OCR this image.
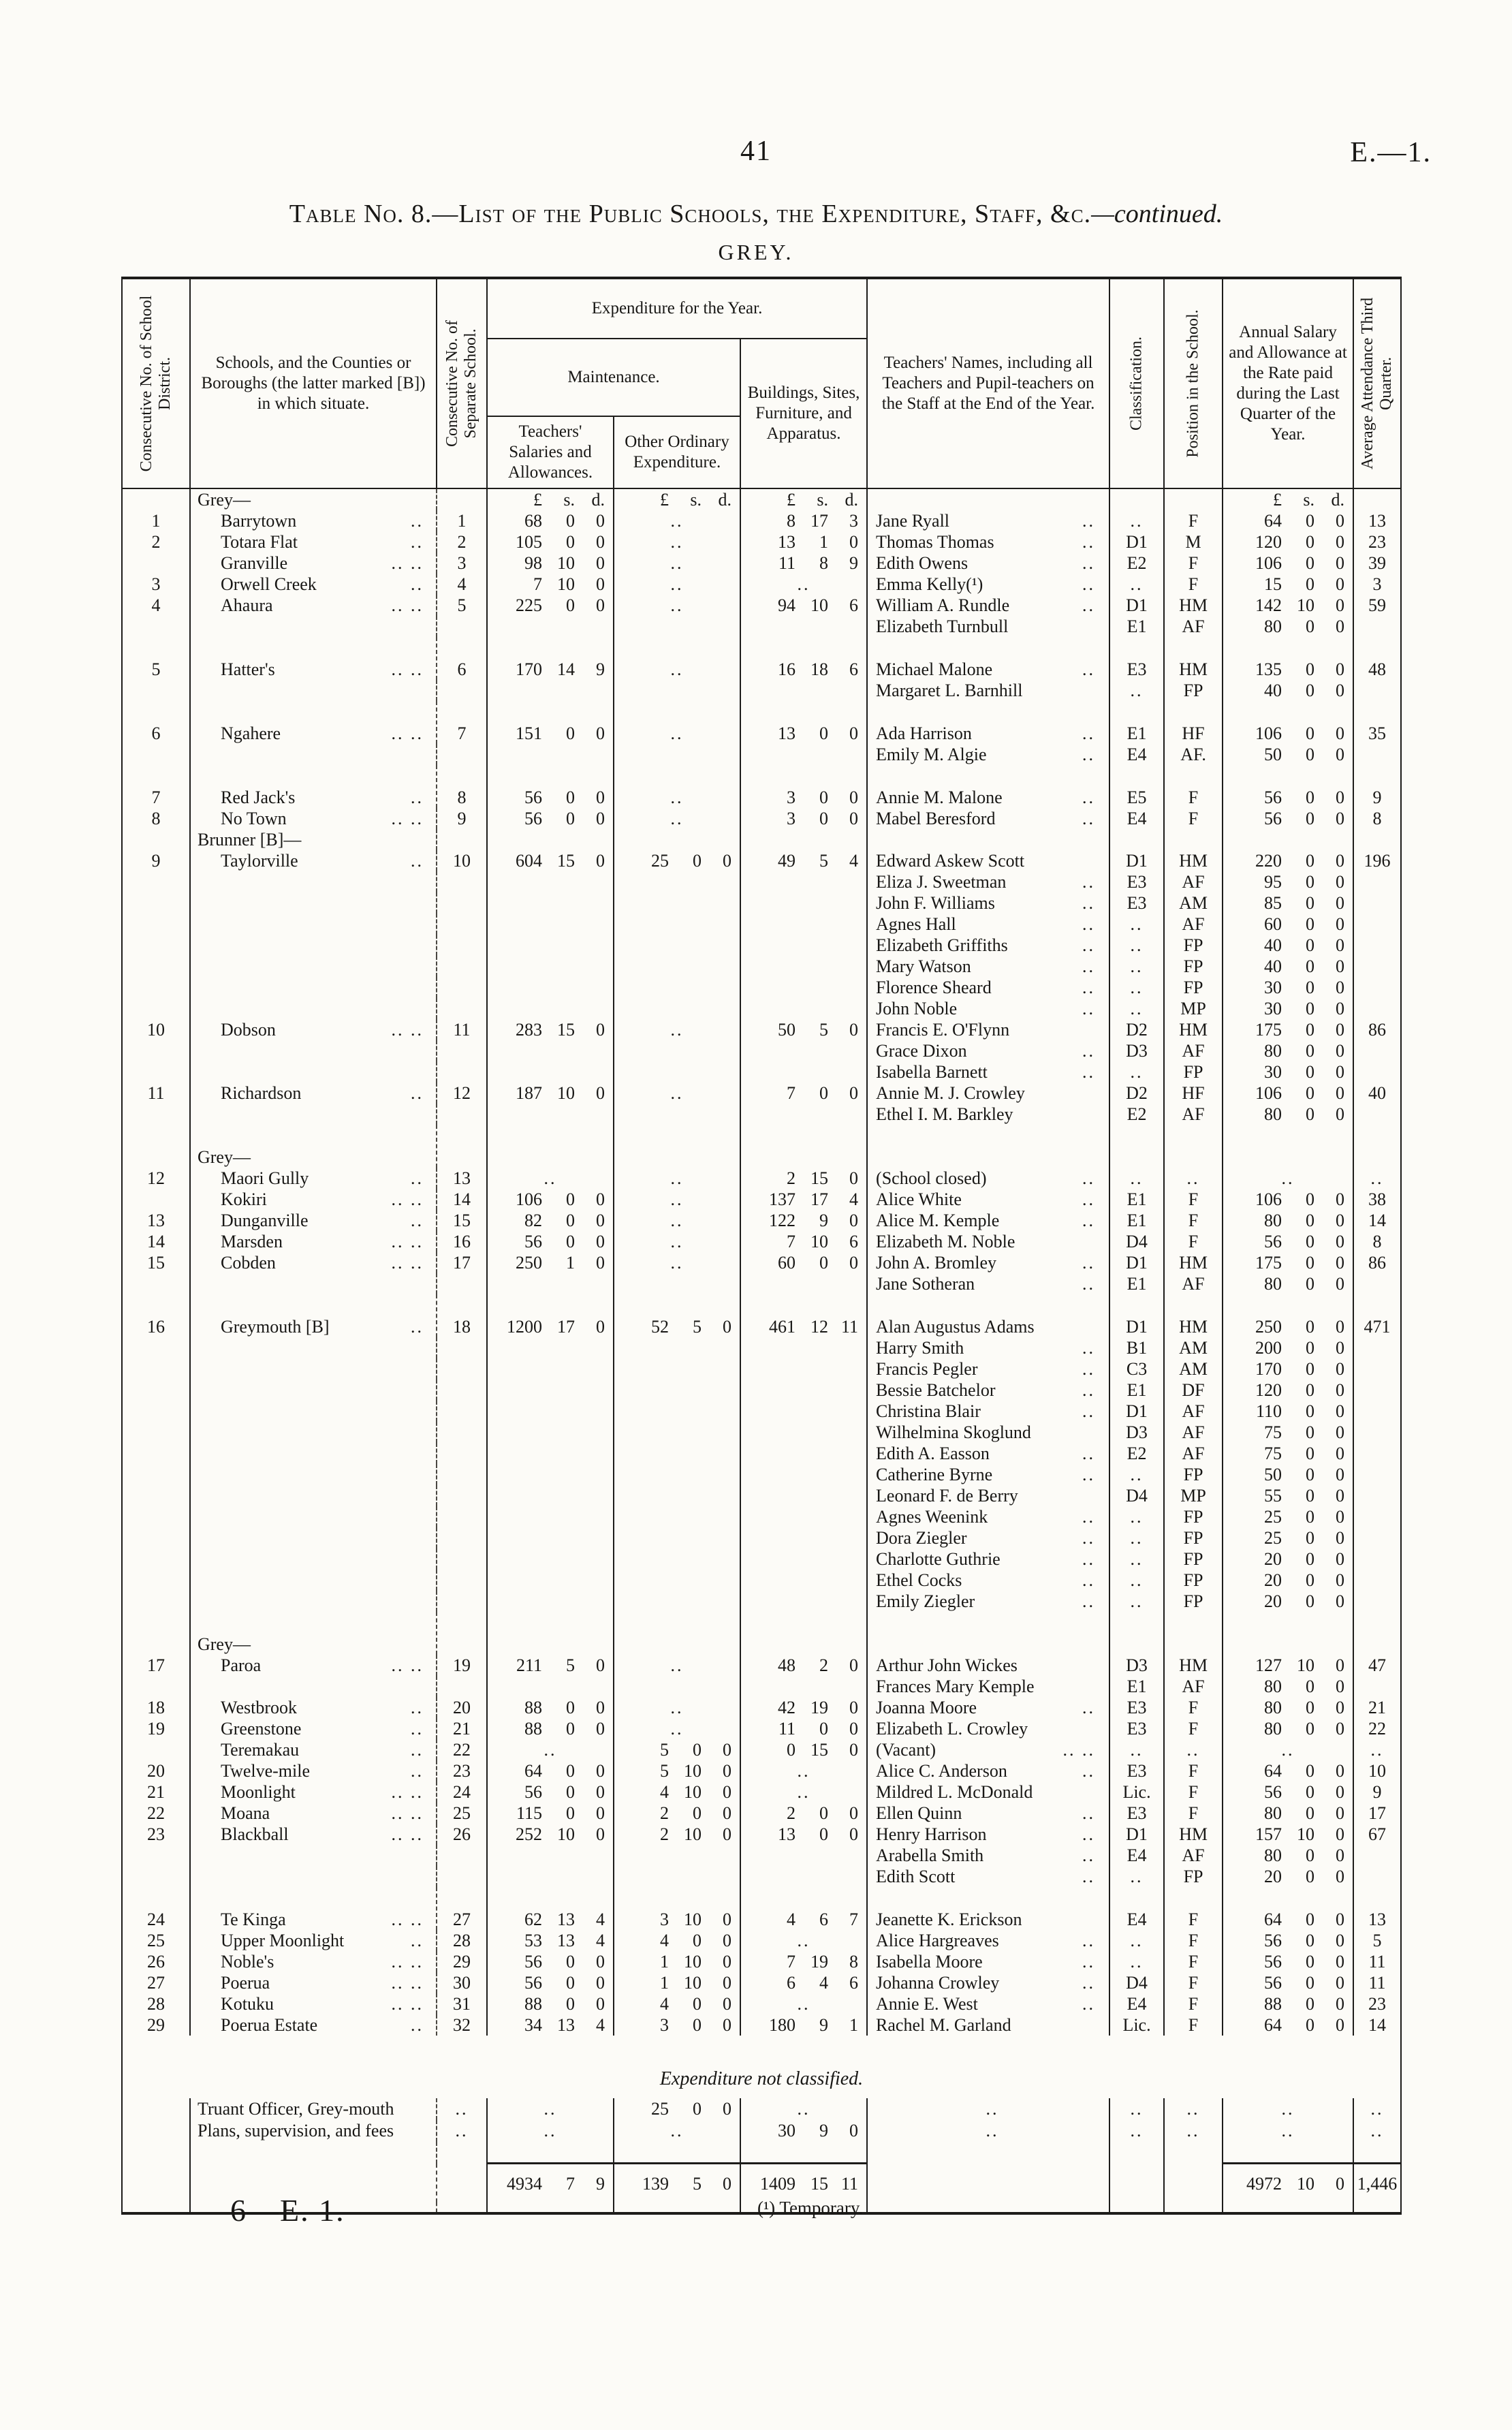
41	E.—1.
Table No. 8.—List of the Public Schools, the Expenditure, Staff, &c.—continued.
GREY.
Consecutive No. of School District.	Schools, and the Counties or Boroughs (the latter marked [B]) in which situate.	Consecutive No. of Separate School.	Expenditure for the Year.			Teachers' Names, including all Teachers and Pupil-teachers on the Staff at the End of the Year.	Classification.	Position in the School.	Annual Salary and Allowance at the Rate paid during the Last Quarter of the Year.	Average Attendance Third Quarter.

			Maintenance.		Buildings, Sites, Furniture, and Apparatus.					
			Teachers' Salaries and Allowances.	Other Ordinary Expenditure.						

	Grey—		£ s. d.	£ s. d.	£ s. d.				£ s. d.	

1	Barrytown ..	1	68 0 0	..	8 17 3	Jane Ryall ..	..	F	64 0 0	13
2	Totara Flat ..	2	105 0 0	..	13 1 0	Thomas Thomas ..	D1	M	120 0 0	23

	Granville .. ..	3	98 10 0	..	11 8 9	Edith Owens ..	E2	F	106 0 0	39
3	Orwell Creek ..	4	7 10 0	..	..	Emma Kelly(¹) ..	..	F	15 0 0	3
4	Ahaura .. ..	5	225 0 0	..	94 10 6	William A. Rundle ..	D1	HM	142 10 0	59

						Elizabeth Turnbull	E1	AF	80 0 0	

5	Hatter's .. ..	6	170 14 9	..	16 18 6	Michael Malone ..	E3	HM	135 0 0	48

						Margaret L. Barnhill	..	FP	40 0 0	

6	Ngahere .. ..	7	151 0 0	..	13 0 0	Ada Harrison ..	E1	HF	106 0 0	35

						Emily M. Algie ..	E4	AF.	50 0 0	

7	Red Jack's ..	8	56 0 0	..	3 0 0	Annie M. Malone ..	E5	F	56 0 0	9
8	No Town .. ..	9	56 0 0	..	3 0 0	Mabel Beresford ..	E4	F	56 0 0	8

	Brunner [B]—									

9	Taylorville ..	10	604 15 0	25 0 0	49 5 4	Edward Askew Scott	D1	HM	220 0 0	196

						Eliza J. Sweetman ..	E3	AF	95 0 0	

						John F. Williams ..	E3	AM	85 0 0	

						Agnes Hall ..	..	AF	60 0 0	

						Elizabeth Griffiths ..	..	FP	40 0 0	

						Mary Watson ..	..	FP	40 0 0	

						Florence Sheard ..	..	FP	30 0 0	

						John Noble ..	..	MP	30 0 0	

10	Dobson .. ..	11	283 15 0	..	50 5 0	Francis E. O'Flynn	D2	HM	175 0 0	86

						Grace Dixon ..	D3	AF	80 0 0	

						Isabella Barnett ..	..	FP	30 0 0	

11	Richardson ..	12	187 10 0	..	7 0 0	Annie M. J. Crowley	D2	HF	106 0 0	40

						Ethel I. M. Barkley	E2	AF	80 0 0	

	Grey—									

12	Maori Gully ..	13	..	..	2 15 0	(School closed) ..	..	..	..	..

	Kokiri .. ..	14	106 0 0	..	137 17 4	Alice White ..	E1	F	106 0 0	38
13	Dunganville ..	15	82 0 0	..	122 9 0	Alice M. Kemple ..	E1	F	80 0 0	14
14	Marsden .. ..	16	56 0 0	..	7 10 6	Elizabeth M. Noble	D4	F	56 0 0	8
15	Cobden .. ..	17	250 1 0	..	60 0 0	John A. Bromley ..	D1	HM	175 0 0	86

						Jane Sotheran ..	E1	AF	80 0 0	

16	Greymouth [B] ..	18	1200 17 0	52 5 0	461 12 11	Alan Augustus Adams	D1	HM	250 0 0	471

						Harry Smith ..	B1	AM	200 0 0	

						Francis Pegler ..	C3	AM	170 0 0	

						Bessie Batchelor ..	E1	DF	120 0 0	

						Christina Blair ..	D1	AF	110 0 0	

						Wilhelmina Skoglund	D3	AF	75 0 0	

						Edith A. Easson ..	E2	AF	75 0 0	

						Catherine Byrne ..	..	FP	50 0 0	

						Leonard F. de Berry	D4	MP	55 0 0	

						Agnes Weenink ..	..	FP	25 0 0	

						Dora Ziegler ..	..	FP	25 0 0	

						Charlotte Guthrie ..	..	FP	20 0 0	

						Ethel Cocks ..	..	FP	20 0 0	

						Emily Ziegler ..	..	FP	20 0 0	

	Grey—									

17	Paroa .. ..	19	211 5 0	..	48 2 0	Arthur John Wickes	D3	HM	127 10 0	47

						Frances Mary Kemple	E1	AF	80 0 0	

18	Westbrook ..	20	88 0 0	..	42 19 0	Joanna Moore ..	E3	F	80 0 0	21
19	Greenstone ..	21	88 0 0	..	11 0 0	Elizabeth L. Crowley	E3	F	80 0 0	22

	Teremakau ..	22	..	5 0 0	0 15 0	(Vacant) .. ..	..	..	..	..

20	Twelve-mile ..	23	64 0 0	5 10 0	..	Alice C. Anderson ..	E3	F	64 0 0	10
21	Moonlight .. ..	24	56 0 0	4 10 0	..	Mildred L. McDonald	Lic.	F	56 0 0	9
22	Moana .. ..	25	115 0 0	2 0 0	2 0 0	Ellen Quinn ..	E3	F	80 0 0	17
23	Blackball .. ..	26	252 10 0	2 10 0	13 0 0	Henry Harrison ..	D1	HM	157 10 0	67

						Arabella Smith ..	E4	AF	80 0 0	

						Edith Scott ..	..	FP	20 0 0	

24	Te Kinga .. ..	27	62 13 4	3 10 0	4 6 7	Jeanette K. Erickson	E4	F	64 0 0	13
25	Upper Moonlight ..	28	53 13 4	4 0 0	..	Alice Hargreaves ..	..	F	56 0 0	5
26	Noble's .. ..	29	56 0 0	1 10 0	7 19 8	Isabella Moore ..	..	F	56 0 0	11
27	Poerua .. ..	30	56 0 0	1 10 0	6 4 6	Johanna Crowley ..	D4	F	56 0 0	11
28	Kotuku .. ..	31	88 0 0	4 0 0	..	Annie E. West ..	E4	F	88 0 0	23
29	Poerua Estate ..	32	34 13 4	3 0 0	180 9 1	Rachel M. Garland	Lic.	F	64 0 0	14

Expenditure not classified.										
	Truant Officer, Grey-mouth	..	..	25 0 0	..	..	..	..	..	..

	Plans, supervision, and fees	..	..	..	30 9 0	..	..	..	..	..

			4934 7 9	139 5 0	1409 15 11				4972 10 0	1,446

6—E. 1.	(¹) Temporary.
